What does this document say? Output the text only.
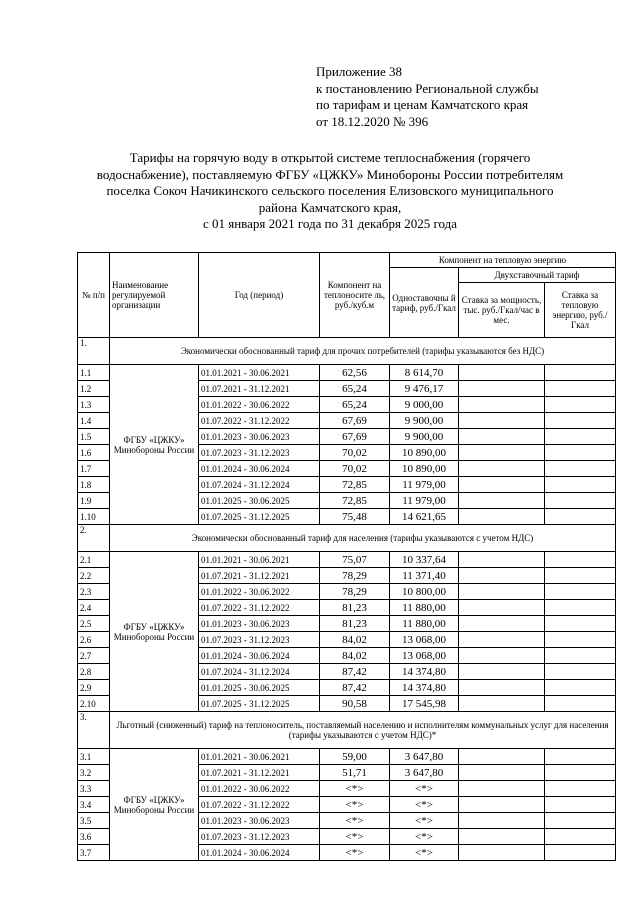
Приложение 38
к постановлению Региональной службы
по тарифам и ценам Камчатского края
от 18.12.2020 № 396
Тарифы на горячую воду в открытой системе теплоснабжения (горячего
водоснабжение), поставляемую ФГБУ «ЦЖКУ» Минобороны России потребителям
поселка Сокоч Начикинского сельского поселения Елизовского муниципального
района Камчатского края,
с 01 января 2021 года по 31 декабря 2025 года
№ п/п	Наименование регулируемой организации	Год (период)	Компонент на теплоносите ль, руб./куб.м	Компонент на тепловую энергию		
				Одноставочны й тариф, руб./Гкал	Двухставочный тариф	
					Ставка за мощность, тыс. руб./Гкал/час в мес.	Ставка за тепловую энергию, руб./Гкал
1.	Экономически обоснованный тариф для прочих потребителей (тарифы указываются без НДС)					
1.1	ФГБУ «ЦЖКУ» Минобороны России	01.01.2021 - 30.06.2021	62,56	8 614,70		
1.2		01.07.2021 - 31.12.2021	65,24	9 476,17		
1.3		01.01.2022 - 30.06.2022	65,24	9 000,00		
1.4		01.07.2022 - 31.12.2022	67,69	9 900,00		
1.5		01.01.2023 - 30.06.2023	67,69	9 900,00		
1.6		01.07.2023 - 31.12.2023	70,02	10 890,00		
1.7		01.01.2024 - 30.06.2024	70,02	10 890,00		
1.8		01.07.2024 - 31.12.2024	72,85	11 979,00		
1.9		01.01.2025 - 30.06.2025	72,85	11 979,00		
1.10		01.07.2025 - 31.12.2025	75,48	14 621,65		
2.	Экономически обоснованный тариф для населения (тарифы указываются с учетом НДС)					
2.1	ФГБУ «ЦЖКУ» Минобороны России	01.01.2021 - 30.06.2021	75,07	10 337,64		
2.2		01.07.2021 - 31.12.2021	78,29	11 371,40		
2.3		01.01.2022 - 30.06.2022	78,29	10 800,00		
2.4		01.07.2022 - 31.12.2022	81,23	11 880,00		
2.5		01.01.2023 - 30.06.2023	81,23	11 880,00		
2.6		01.07.2023 - 31.12.2023	84,02	13 068,00		
2.7		01.01.2024 - 30.06.2024	84,02	13 068,00		
2.8		01.07.2024 - 31.12.2024	87,42	14 374,80		
2.9		01.01.2025 - 30.06.2025	87,42	14 374,80		
2.10		01.07.2025 - 31.12.2025	90,58	17 545,98		
3.	Льготный (сниженный) тариф на теплоноситель, поставляемый населению и исполнителям коммунальных услуг для населения (тарифы указываются с учетом НДС)*					
3.1	ФГБУ «ЦЖКУ» Минобороны России	01.01.2021 - 30.06.2021	59,00	3 647,80		
3.2		01.07.2021 - 31.12.2021	51,71	3 647,80		
3.3		01.01.2022 - 30.06.2022	<*>	<*>		
3.4		01.07.2022 - 31.12.2022	<*>	<*>		
3.5		01.01.2023 - 30.06.2023	<*>	<*>		
3.6		01.07.2023 - 31.12.2023	<*>	<*>		
3.7		01.01.2024 - 30.06.2024	<*>	<*>		
